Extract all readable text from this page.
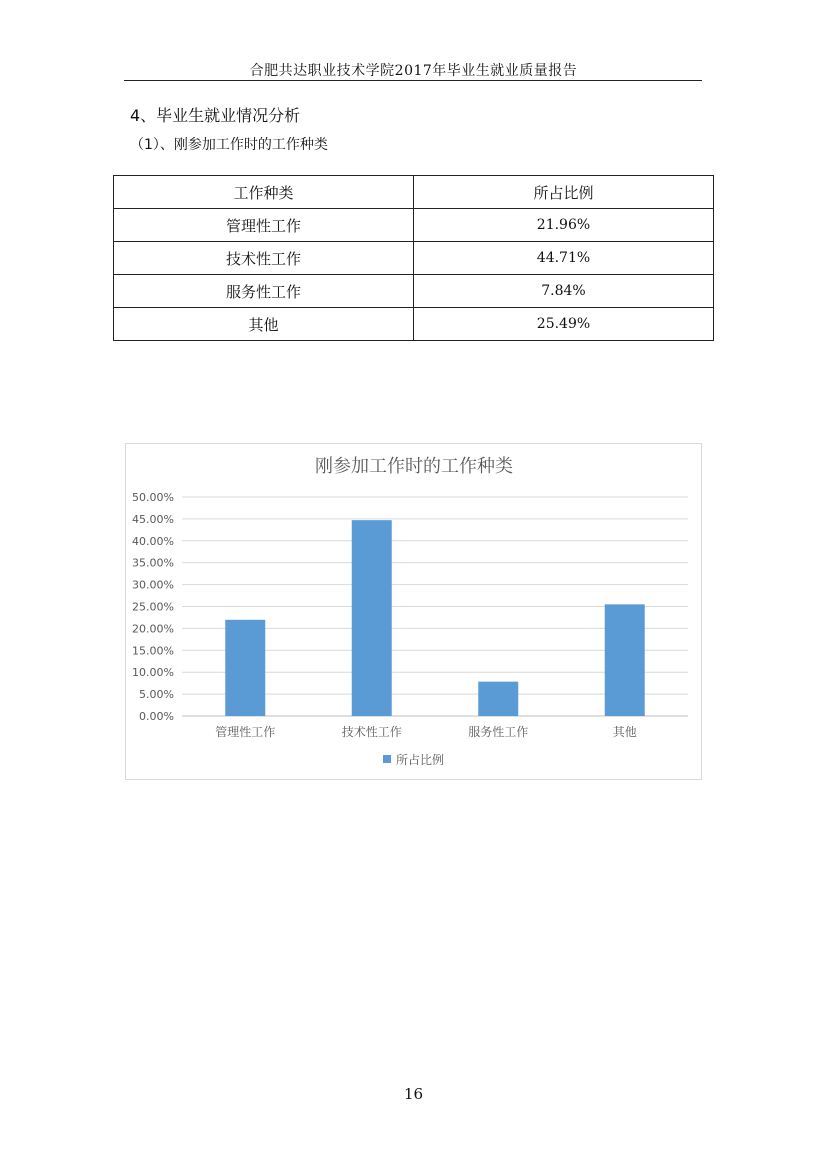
合肥共达职业技术学院2017年毕业生就业质量报告
4、毕业生就业情况分析
（1）、刚参加工作时的工作种类
工作种类	所占比例
管理性工作	21.96%
技术性工作	44.71%
服务性工作	7.84%
其他	25.49%
刚参加工作时的工作种类
0.00%
5.00%
10.00%
15.00%
20.00%
25.00%
30.00%
35.00%
40.00%
45.00%
50.00%
管理性工作	技术性工作	服务性工作	其他
所占比例
16
